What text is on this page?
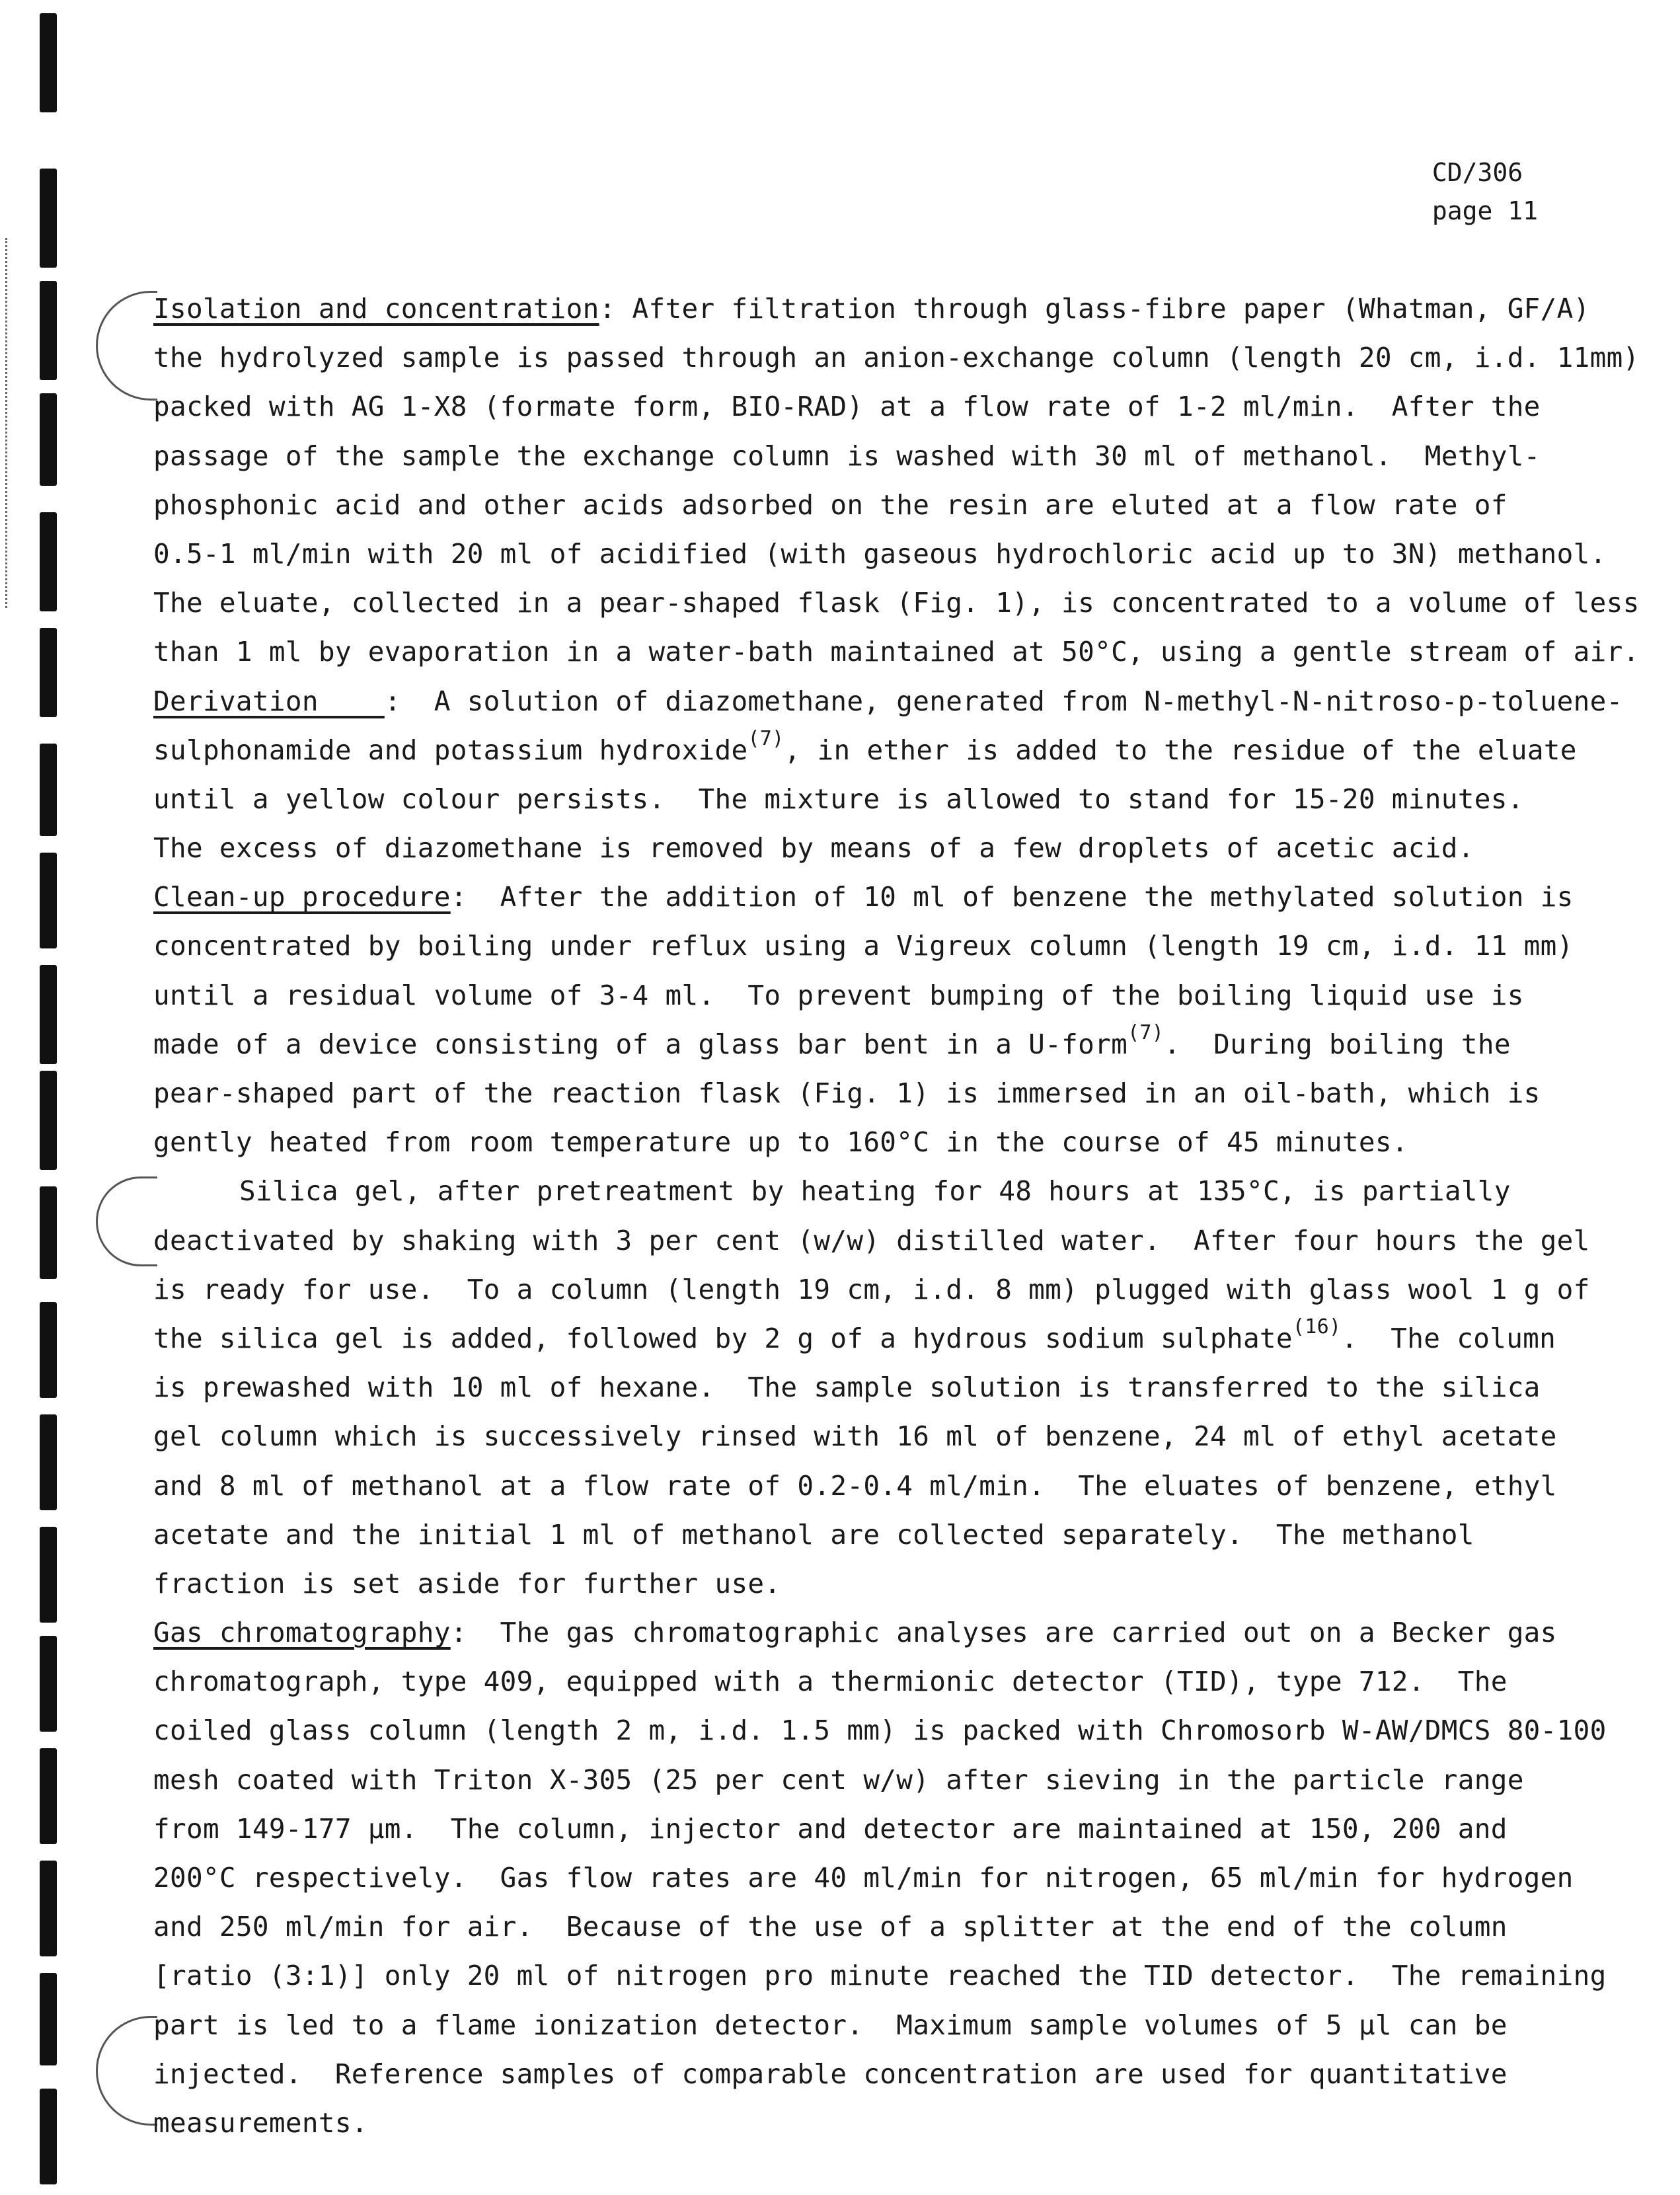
CD/306
page 11
Isolation and concentration: After filtration through glass-fibre paper (Whatman, GF/A)
the hydrolyzed sample is passed through an anion-exchange column (length 20 cm, i.d. 11mm)
packed with AG 1-X8 (formate form, BIO-RAD) at a flow rate of 1-2 ml/min.  After the
passage of the sample the exchange column is washed with 30 ml of methanol.  Methyl-
phosphonic acid and other acids adsorbed on the resin are eluted at a flow rate of
0.5-1 ml/min with 20 ml of acidified (with gaseous hydrochloric acid up to 3N) methanol.
The eluate, collected in a pear-shaped flask (Fig. 1), is concentrated to a volume of less
than 1 ml by evaporation in a water-bath maintained at 50°C, using a gentle stream of air.
Derivation    :  A solution of diazomethane, generated from N-methyl-N-nitroso-p-toluene-
sulphonamide and potassium hydroxide$^{(7)}$, in ether is added to the residue of the eluate
until a yellow colour persists.  The mixture is allowed to stand for 15-20 minutes.
The excess of diazomethane is removed by means of a few droplets of acetic acid.
Clean-up procedure:  After the addition of 10 ml of benzene the methylated solution is
concentrated by boiling under reflux using a Vigreux column (length 19 cm, i.d. 11 mm)
until a residual volume of 3-4 ml.  To prevent bumping of the boiling liquid use is
made of a device consisting of a glass bar bent in a U-form$^{(7)}$.  During boiling the
pear-shaped part of the reaction flask (Fig. 1) is immersed in an oil-bath, which is
gently heated from room temperature up to 160°C in the course of 45 minutes.
Silica gel, after pretreatment by heating for 48 hours at 135°C, is partially
deactivated by shaking with 3 per cent (w/w) distilled water.  After four hours the gel
is ready for use.  To a column (length 19 cm, i.d. 8 mm) plugged with glass wool 1 g of
the silica gel is added, followed by 2 g of a hydrous sodium sulphate$^{(16)}$.  The column
is prewashed with 10 ml of hexane.  The sample solution is transferred to the silica
gel column which is successively rinsed with 16 ml of benzene, 24 ml of ethyl acetate
and 8 ml of methanol at a flow rate of 0.2-0.4 ml/min.  The eluates of benzene, ethyl
acetate and the initial 1 ml of methanol are collected separately.  The methanol
fraction is set aside for further use.
Gas chromatography:  The gas chromatographic analyses are carried out on a Becker gas
chromatograph, type 409, equipped with a thermionic detector (TID), type 712.  The
coiled glass column (length 2 m, i.d. 1.5 mm) is packed with Chromosorb W-AW/DMCS 80-100
mesh coated with Triton X-305 (25 per cent w/w) after sieving in the particle range
from 149-177 µm.  The column, injector and detector are maintained at 150, 200 and
200°C respectively.  Gas flow rates are 40 ml/min for nitrogen, 65 ml/min for hydrogen
and 250 ml/min for air.  Because of the use of a splitter at the end of the column
[ratio (3:1)] only 20 ml of nitrogen pro minute reached the TID detector.  The remaining
part is led to a flame ionization detector.  Maximum sample volumes of 5 µl can be
injected.  Reference samples of comparable concentration are used for quantitative
measurements.
